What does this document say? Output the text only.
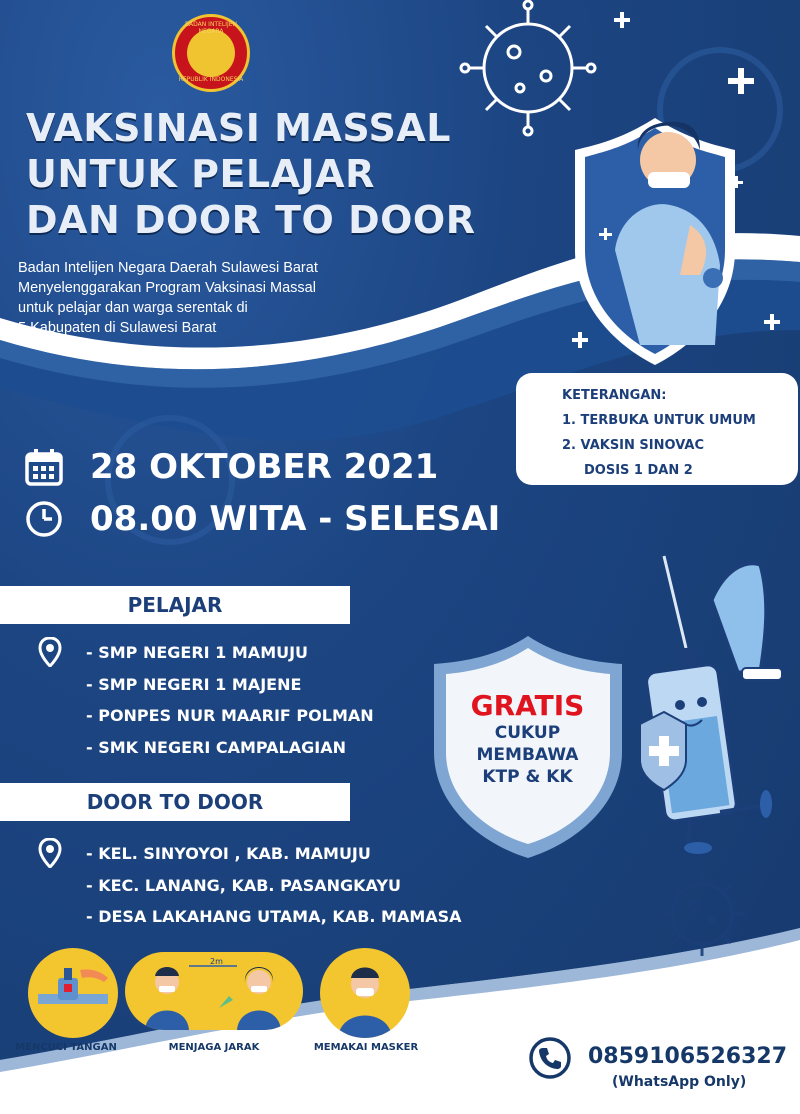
BADAN INTELIJEN NEGARA
REPUBLIK INDONESIA
VAKSINASI MASSAL
UNTUK PELAJAR
DAN DOOR TO DOOR
Badan Intelijen Negara Daerah Sulawesi Barat
Menyelenggarakan Program Vaksinasi Massal
untuk pelajar dan warga serentak di
5 Kabupaten di Sulawesi Barat
KETERANGAN:
1. TERBUKA UNTUK UMUM
2. VAKSIN SINOVAC
DOSIS 1 DAN 2
28 OKTOBER 2021
08.00 WITA - SELESAI
PELAJAR
- SMP NEGERI 1 MAMUJU
- SMP NEGERI 1 MAJENE
- PONPES NUR MAARIF POLMAN
- SMK NEGERI CAMPALAGIAN
DOOR TO DOOR
- KEL. SINYOYOI , KAB. MAMUJU
- KEC. LANANG, KAB. PASANGKAYU
- DESA LAKAHANG UTAMA, KAB. MAMASA
GRATIS
CUKUP
MEMBAWA
KTP & KK
2m
MENCUCI TANGAN	MENJAGA JARAK	MEMAKAI MASKER	0859106526327
(WhatsApp Only)
